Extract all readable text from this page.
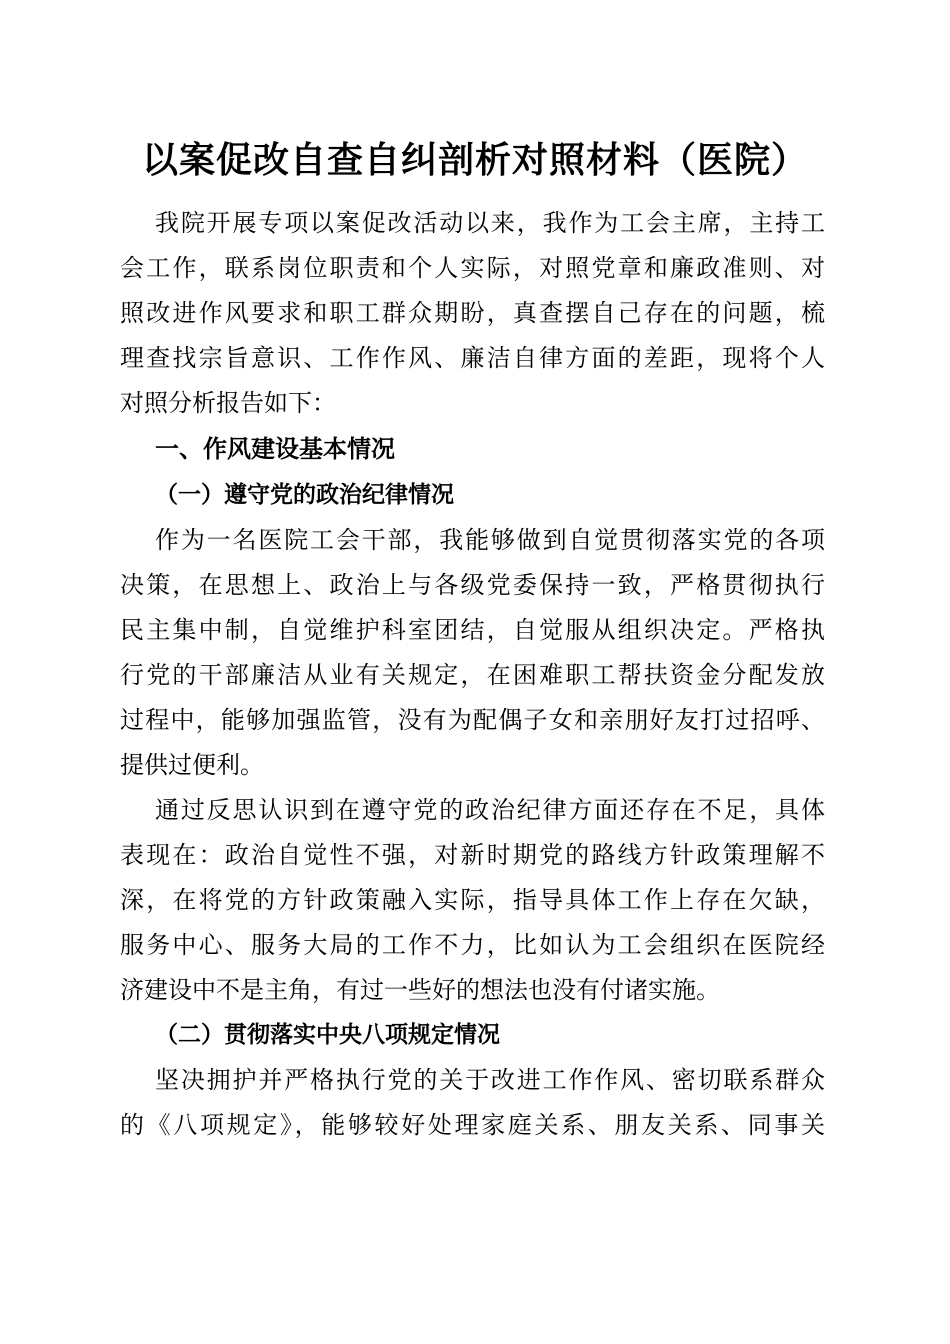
以案促改自查自纠剖析对照材料（医院）
我院开展专项以案促改活动以来，我作为工会主席，主持工
会工作，联系岗位职责和个人实际，对照党章和廉政准则、对
照改进作风要求和职工群众期盼，真查摆自己存在的问题，梳
理查找宗旨意识、工作作风、廉洁自律方面的差距，现将个人
对照分析报告如下：
一、作风建设基本情况
（一）遵守党的政治纪律情况
作为一名医院工会干部，我能够做到自觉贯彻落实党的各项
决策，在思想上、政治上与各级党委保持一致，严格贯彻执行
民主集中制，自觉维护科室团结，自觉服从组织决定。严格执
行党的干部廉洁从业有关规定，在困难职工帮扶资金分配发放
过程中，能够加强监管，没有为配偶子女和亲朋好友打过招呼、
提供过便利。
通过反思认识到在遵守党的政治纪律方面还存在不足，具体
表现在：政治自觉性不强，对新时期党的路线方针政策理解不
深，在将党的方针政策融入实际，指导具体工作上存在欠缺，
服务中心、服务大局的工作不力，比如认为工会组织在医院经
济建设中不是主角，有过一些好的想法也没有付诸实施。
（二）贯彻落实中央八项规定情况
坚决拥护并严格执行党的关于改进工作作风、密切联系群众
的《八项规定》，能够较好处理家庭关系、朋友关系、同事关
